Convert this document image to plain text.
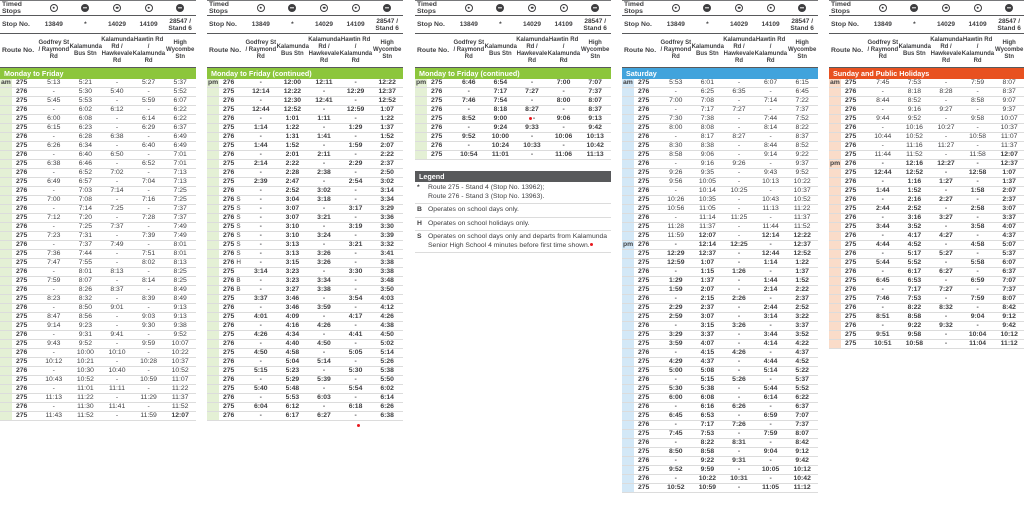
Timed Stops
Stop No.	13849	*	14029	14109	28547 / Stand 6
Route No.
Godfrey St / Raymond Rd
Kalamunda Bus Stn
Kalamunda Rd / Hawkevale Rd
Hawtin Rd / Kalamunda Rd
High Wycombe Stn
Monday to Friday
am 275	5:13	5:21	-	5:27	5:37
276	-	5:30	5:40	-	5:52
275	5:45	5:53	-	5:59	6:07
276	-	6:02	6:12	-	6:22
275	6:00	6:08	-	6:14	6:22
275	6:15	6:23	-	6:29	6:37
276	-	6:28	6:38	-	6:49
275	6:26	6:34	-	6:40	6:49
276	-	6:40	6:50	-	7:01
275	6:38	6:46	-	6:52	7:01
276	-	6:52	7:02	-	7:13
275	6:49	6:57	-	7:04	7:13
276	-	7:03	7:14	-	7:25
275	7:00	7:08	-	7:16	7:25
276	-	7:14	7:25	-	7:37
275	7:12	7:20	-	7:28	7:37
276	-	7:25	7:37	-	7:49
275	7:23	7:31	-	7:39	7:49
276	-	7:37	7:49	-	8:01
275	7:36	7:44	-	7:51	8:01
275	7:47	7:55	-	8:02	8:13
276	-	8:01	8:13	-	8:25
275	7:59	8:07	-	8:14	8:25
276	-	8:26	8:37	-	8:49
275	8:23	8:32	-	8:39	8:49
276	-	8:50	9:01	-	9:13
275	8:47	8:56	-	9:03	9:13
275	9:14	9:23	-	9:30	9:38
276	-	9:31	9:41	-	9:52
275	9:43	9:52	-	9:59	10:07
276	-	10:00	10:10	-	10:22
275	10:12	10:21	-	10:28	10:37
276	-	10:30	10:40	-	10:52
275	10:43	10:52	-	10:59	11:07
276	-	11:01	11:11	-	11:22
275	11:13	11:22	-	11:29	11:37
276	-	11:30	11:41	-	11:52
275	11:43	11:52	-	11:59	12:07
Timed Stops
Stop No.	13849	*	14029	14109	28547 / Stand 6
Route No.
Godfrey St / Raymond Rd
Kalamunda Bus Stn
Kalamunda Rd / Hawkevale Rd
Hawtin Rd / Kalamunda Rd
High Wycombe Stn
Monday to Friday (continued)
pm 276	-	12:00	12:11	-	12:22
275	12:14	12:22	-	12:29	12:37
276	-	12:30	12:41	-	12:52
275	12:44	12:52	-	12:59	1:07
276	-	1:01	1:11	-	1:22
275	1:14	1:22	-	1:29	1:37
276	-	1:31	1:41	-	1:52
275	1:44	1:52	-	1:59	2:07
276	-	2:01	2:11	-	2:22
275	2:14	2:22	-	2:29	2:37
276	-	2:28	2:38	-	2:50
275	2:39	2:47	-	2:54	3:02
276	-	2:52	3:02	-	3:14
276 S	-	3:04	3:18	-	3:34
275 S	-	3:07	-	3:17	3:29
276 S	-	3:07	3:21	-	3:36
275 S	-	3:10	-	3:19	3:30
276 S	-	3:10	3:24	-	3:39
275 S	-	3:13	-	3:21	3:32
276 S	-	3:13	3:26	-	3:41
276 H	-	3:15	3:26	-	3:38
275	3:14	3:23	-	3:30	3:38
276 B	-	3:23	3:34	-	3:48
276 B	-	3:27	3:38	-	3:50
275	3:37	3:46	-	3:54	4:03
276	-	3:46	3:59	-	4:12
275	4:01	4:09	-	4:17	4:26
276	-	4:16	4:26	-	4:38
275	4:26	4:34	-	4:41	4:50
276	-	4:40	4:50	-	5:02
275	4:50	4:58	-	5:05	5:14
276	-	5:04	5:14	-	5:26
275	5:15	5:23	-	5:30	5:38
276	-	5:29	5:39	-	5:50
275	5:40	5:48	-	5:54	6:02
276	-	5:53	6:03	-	6:14
275	6:04	6:12	-	6:18	6:26
276	-	6:17	6:27	-	6:38
Timed Stops
Stop No.	13849	*	14029	14109	28547 / Stand 6
Route No.
Godfrey St / Raymond Rd
Kalamunda Bus Stn
Kalamunda Rd / Hawkevale Rd
Hawtin Rd / Kalamunda Rd
High Wycombe Stn
Monday to Friday (continued)
pm 275	6:46	6:54	-	7:00	7:07
276	-	7:17	7:27	-	7:37
275	7:46	7:54	-	8:00	8:07
276	-	8:18	8:27	-	8:37
275	8:52	9:00	-	9:06	9:13
276	-	9:24	9:33	-	9:42
275	9:52	10:00	-	10:06	10:13
276	-	10:24	10:33	-	10:42
275	10:54	11:01	-	11:06	11:13
Legend
*	Route 275 - Stand 4 (Stop No. 13962);
Route 276 - Stand 3 (Stop No. 13963).
B Operates on school days only.
H Operates on school holidays only.
S Operates on school days only and departs from Kalamunda Senior High School 4 minutes before first time shown.
Timed Stops
Stop No.	13849	*	14029	14109	28547 / Stand 6
Route No.
Godfrey St / Raymond Rd
Kalamunda Bus Stn
Kalamunda Rd / Hawkevale Rd
Hawtin Rd / Kalamunda Rd
High Wycombe Stn
Saturday
am 275	5:53	6:01	-	6:07	6:15
276	-	6:25	6:35	-	6:45
275	7:00	7:08	-	7:14	7:22
276	-	7:17	7:27	-	7:37
275	7:30	7:38	-	7:44	7:52
275	8:00	8:08	-	8:14	8:22
276	-	8:17	8:27	-	8:37
275	8:30	8:38	-	8:44	8:52
275	8:58	9:06	-	9:14	9:22
276	-	9:16	9:26	-	9:37
275	9:26	9:35	-	9:43	9:52
275	9:56	10:05	-	10:13	10:22
276	-	10:14	10:25	-	10:37
275	10:26	10:35	-	10:43	10:52
275	10:56	11:05	-	11:13	11:22
276	-	11:14	11:25	-	11:37
275	11:28	11:37	-	11:44	11:52
275	11:59	12:07	-	12:14	12:22
pm 276	-	12:14	12:25	-	12:37
275	12:29	12:37	-	12:44	12:52
275	12:59	1:07	-	1:14	1:22
276	-	1:15	1:26	-	1:37
275	1:29	1:37	-	1:44	1:52
275	1:59	2:07	-	2:14	2:22
276	-	2:15	2:26	-	2:37
275	2:29	2:37	-	2:44	2:52
275	2:59	3:07	-	3:14	3:22
276	-	3:15	3:26	-	3:37
275	3:29	3:37	-	3:44	3:52
275	3:59	4:07	-	4:14	4:22
276	-	4:15	4:26	-	4:37
275	4:29	4:37	-	4:44	4:52
275	5:00	5:08	-	5:14	5:22
276	-	5:15	5:26	-	5:37
275	5:30	5:38	-	5:44	5:52
275	6:00	6:08	-	6:14	6:22
276	-	6:16	6:26	-	6:37
275	6:45	6:53	-	6:59	7:07
276	-	7:17	7:26	-	7:37
275	7:45	7:53	-	7:59	8:07
276	-	8:22	8:31	-	8:42
275	8:50	8:58	-	9:04	9:12
276	-	9:22	9:31	-	9:42
275	9:52	9:59	-	10:05	10:12
276	-	10:22	10:31	-	10:42
275	10:52	10:59	-	11:05	11:12
Timed Stops
Stop No.	13849	*	14029	14109	28547 / Stand 6
Route No.
Godfrey St / Raymond Rd
Kalamunda Bus Stn
Kalamunda Rd / Hawkevale Rd
Hawtin Rd / Kalamunda Rd
High Wycombe Stn
Sunday and Public Holidays
am 275	7:45	7:53	-	7:59	8:07
276	-	8:18	8:28	-	8:37
275	8:44	8:52	-	8:58	9:07
276	-	9:16	9:27	-	9:37
275	9:44	9:52	-	9:58	10:07
276	-	10:16	10:27	-	10:37
275	10:44	10:52	-	10:58	11:07
276	-	11:16	11:27	-	11:37
275	11:44	11:52	-	11:58	12:07
pm 276	-	12:16	12:27	-	12:37
275	12:44	12:52	-	12:58	1:07
276	-	1:16	1:27	-	1:37
275	1:44	1:52	-	1:58	2:07
276	-	2:16	2:27	-	2:37
275	2:44	2:52	-	2:58	3:07
276	-	3:16	3:27	-	3:37
275	3:44	3:52	-	3:58	4:07
276	-	4:17	4:27	-	4:37
275	4:44	4:52	-	4:58	5:07
276	-	5:17	5:27	-	5:37
275	5:44	5:52	-	5:58	6:07
276	-	6:17	6:27	-	6:37
275	6:45	6:53	-	6:59	7:07
276	-	7:17	7:27	-	7:37
275	7:46	7:53	-	7:59	8:07
276	-	8:22	8:32	-	8:42
275	8:51	8:58	-	9:04	9:12
276	-	9:22	9:32	-	9:42
275	9:51	9:58	-	10:04	10:12
275	10:51	10:58	-	11:04	11:12
